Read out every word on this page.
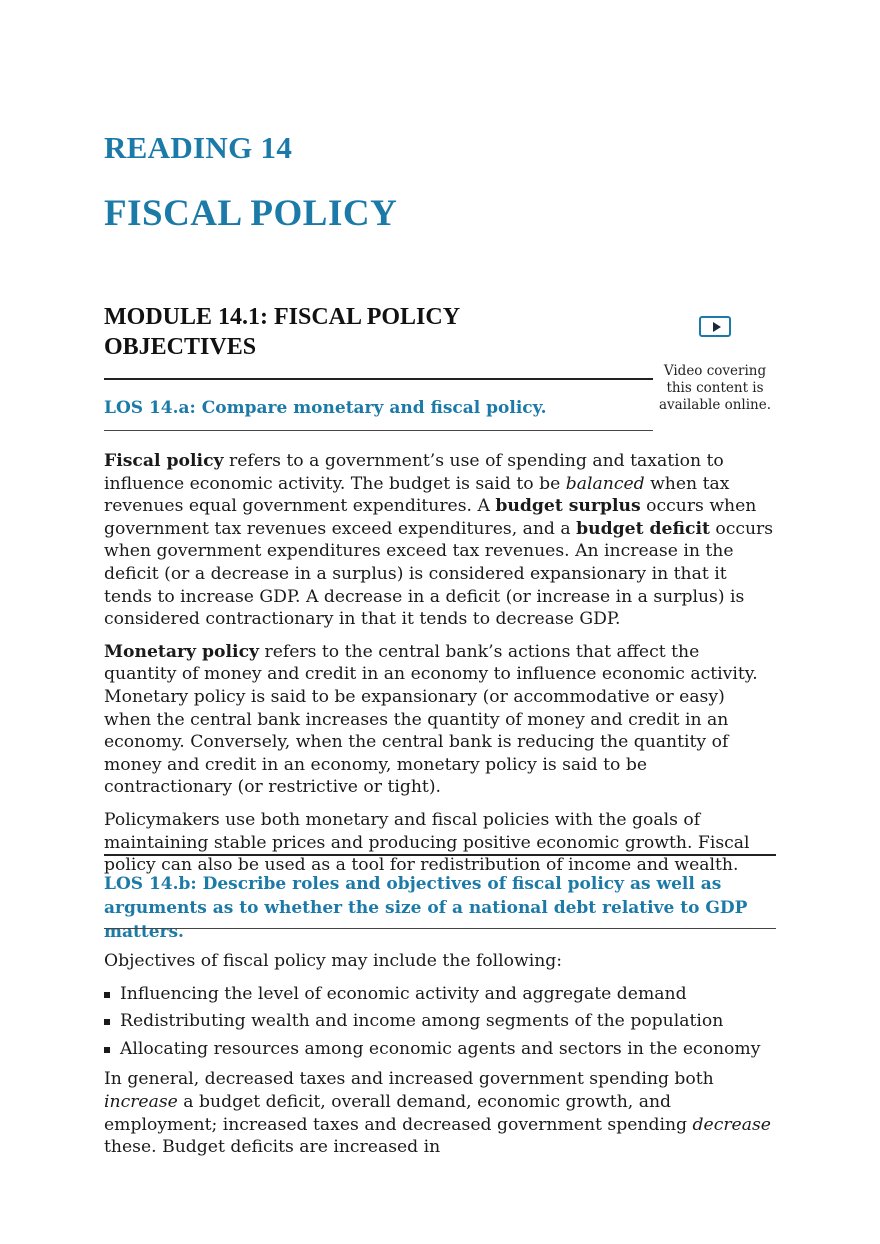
READING 14
FISCAL POLICY
MODULE 14.1: FISCAL POLICY OBJECTIVES
Video covering this content is available online.
LOS 14.a: Compare monetary and fiscal policy.

Fiscal policy refers to a government’s use of spending and taxation to influence economic activity. The budget is said to be balanced when tax revenues equal government expenditures. A budget surplus occurs when government tax revenues exceed expenditures, and a budget deficit occurs when government expenditures exceed tax revenues. An increase in the deficit (or a decrease in a surplus) is considered expansionary in that it tends to increase GDP. A decrease in a deficit (or increase in a surplus) is considered contractionary in that it tends to decrease GDP.

Monetary policy refers to the central bank’s actions that affect the quantity of money and credit in an economy to influence economic activity. Monetary policy is said to be expansionary (or accommodative or easy) when the central bank increases the quantity of money and credit in an economy. Conversely, when the central bank is reducing the quantity of money and credit in an economy, monetary policy is said to be contractionary (or restrictive or tight).

Policymakers use both monetary and fiscal policies with the goals of maintaining stable prices and producing positive economic growth. Fiscal policy can also be used as a tool for redistribution of income and wealth.

LOS 14.b: Describe roles and objectives of fiscal policy as well as arguments as to whether the size of a national debt relative to GDP matters.

Objectives of fiscal policy may include the following:

Influencing the level of economic activity and aggregate demand
Redistributing wealth and income among segments of the population
Allocating resources among economic agents and sectors in the economy

In general, decreased taxes and increased government spending both increase a budget deficit, overall demand, economic growth, and employment; increased taxes and decreased government spending decrease these. Budget deficits are increased in
